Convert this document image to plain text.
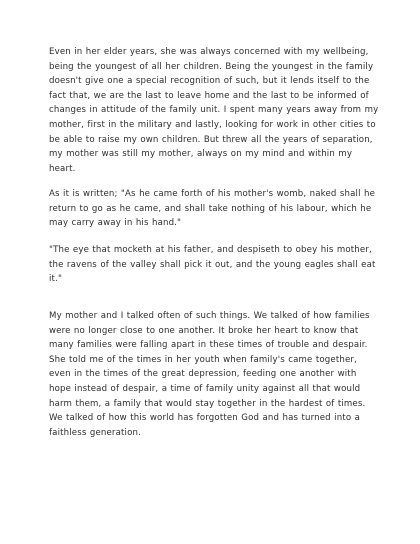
Even in her elder years, she was always concerned with my wellbeing, being the youngest of all her children. Being the youngest in the family doesn't give one a special recognition of such, but it lends itself to the fact that, we are the last to leave home and the last to be informed of changes in attitude of the family unit. I spent many years away from my mother, first in the military and lastly, looking for work in other cities to be able to raise my own children. But threw all the years of separation, my mother was still my mother, always on my mind and within my heart.

As it is written; "As he came forth of his mother's womb, naked shall he return to go as he came, and shall take nothing of his labour, which he may carry away in his hand."

"The eye that mocketh at his father, and despiseth to obey his mother, the ravens of the valley shall pick it out, and the young eagles shall eat it."

My mother and I talked often of such things. We talked of how families were no longer close to one another. It broke her heart to know that many families were falling apart in these times of trouble and despair. She told me of the times in her youth when family's came together, even in the times of the great depression, feeding one another with hope instead of despair, a time of family unity against all that would harm them, a family that would stay together in the hardest of times. We talked of how this world has forgotten God and has turned into a faithless generation.
